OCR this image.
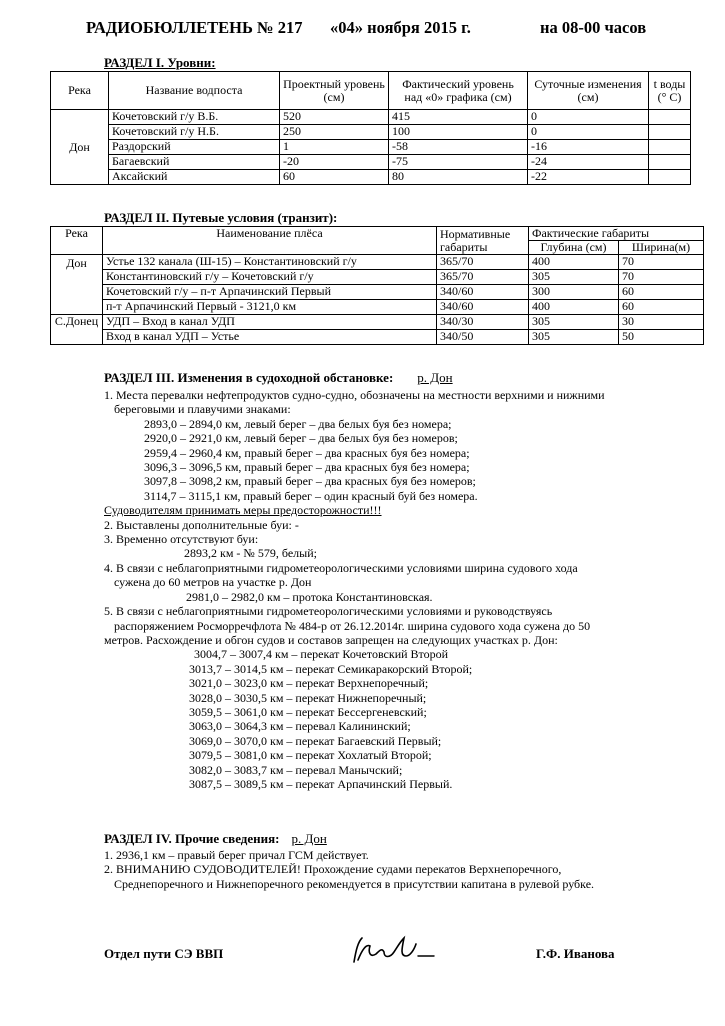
РАДИОБЮЛЛЕТЕНЬ № 217 «04» ноября 2015 г.	на 08-00 часов
РАЗДЕЛ I. Уровни:
Река	Название водпоста	Проектный уровень (см)	Фактический уровень над «0» графика (см)	Суточные изменения (см)	t воды (° С)
Дон	Кочетовский г/у В.Б.	520	415	0	
	Кочетовский г/у Н.Б.	250	100	0	
	Раздорский	1	-58	-16	
	Багаевский	-20	-75	-24	
	Аксайский	60	80	-22	
РАЗДЕЛ II. Путевые условия (транзит):
Река	Наименование плёса	Нормативные габариты	Фактические габариты	
			Глубина (см)	Ширина(м)
Дон	Устье 132 канала (Ш-15) – Константиновский г/у	365/70	400	70
	Константиновский г/у – Кочетовский г/у	365/70	305	70
	Кочетовский г/у – п-т Арпачинский Первый	340/60	300	60
	п-т Арпачинский Первый - 3121,0 км	340/60	400	60
С.Донец	УДП – Вход в канал УДП	340/30	305	30
	Вход в канал УДП – Устье	340/50	305	50
РАЗДЕЛ III. Изменения в судоходной обстановке: р. Дон
1. Места перевалки нефтепродуктов судно-судно, обозначены на местности верхними и нижними
береговыми и плавучими знаками:
2893,0 – 2894,0 км, левый берег – два белых буя без номера;
2920,0 – 2921,0 км, левый берег – два белых буя без номеров;
2959,4 – 2960,4 км, правый берег – два красных буя без номера;
3096,3 – 3096,5 км, правый берег – два красных буя без номера;
3097,8 – 3098,2 км, правый берег – два красных буя без номеров;
3114,7 – 3115,1 км, правый берег – один красный буй без номера.
Судоводителям принимать меры предосторожности!!!
2. Выставлены дополнительные буи: -
3. Временно отсутствуют буи:
2893,2 км - № 579, белый;
4. В связи с неблагоприятными гидрометеорологическими условиями ширина судового хода
сужена до 60 метров на участке р. Дон
2981,0 – 2982,0 км – протока Константиновская.
5. В связи с неблагоприятными гидрометеорологическими условиями и руководствуясь
распоряжением Росморречфлота № 484-р от 26.12.2014г. ширина судового хода сужена до 50
метров. Расхождение и обгон судов и составов запрещен на следующих участках р. Дон:
3004,7 – 3007,4 км – перекат Кочетовский Второй
3013,7 – 3014,5 км – перекат Семикаракорский Второй;
3021,0 – 3023,0 км – перекат Верхнепоречный;
3028,0 – 3030,5 км – перекат Нижнепоречный;
3059,5 – 3061,0 км – перекат Бессергеневский;
3063,0 – 3064,3 км – перевал Калининский;
3069,0 – 3070,0 км – перекат Багаевский Первый;
3079,5 – 3081,0 км – перекат Хохлатый Второй;
3082,0 – 3083,7 км – перевал Манычский;
3087,5 – 3089,5 км – перекат Арпачинский Первый.
РАЗДЕЛ IV. Прочие сведения: р. Дон
1. 2936,1 км – правый берег причал ГСМ действует.
2. ВНИМАНИЮ СУДОВОДИТЕЛЕЙ! Прохождение судами перекатов Верхнепоречного,
Среднепоречного и Нижнепоречного рекомендуется в присутствии капитана в рулевой рубке.
Отдел пути СЭ ВВП	Г.Ф. Иванова
